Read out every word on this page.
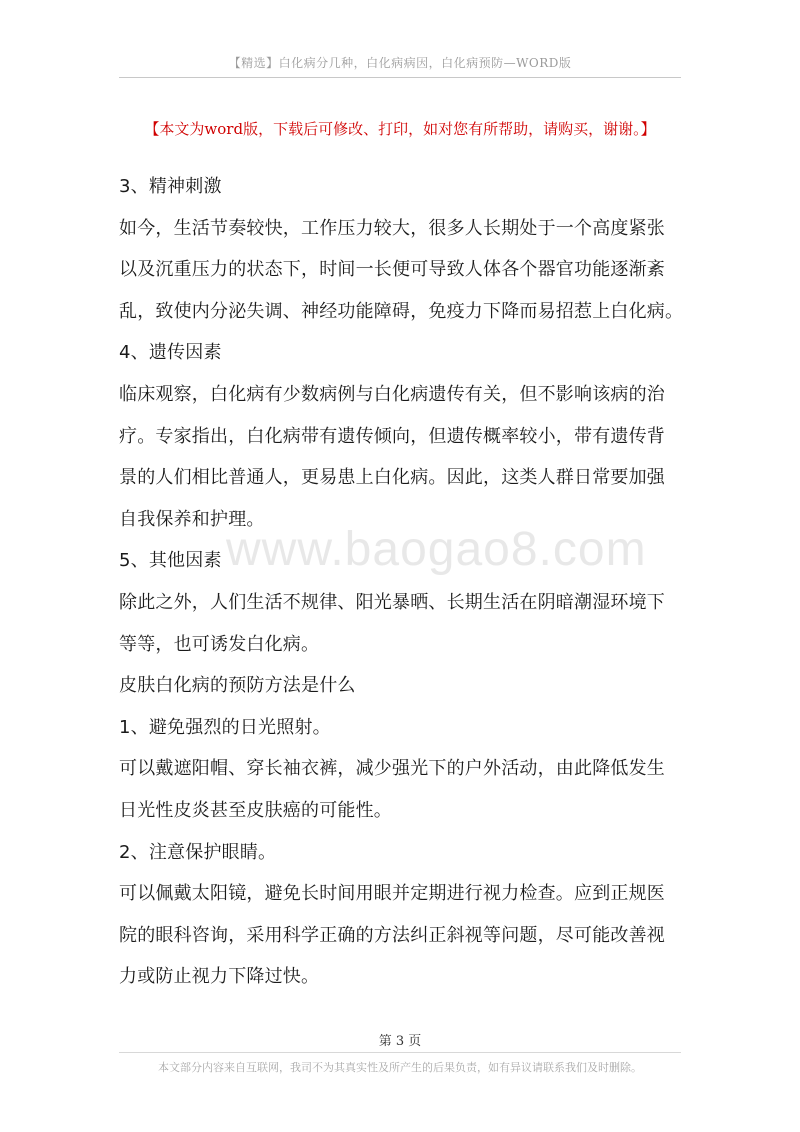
【精选】白化病分几种，白化病病因，白化病预防—WORD版
【本文为word版，下载后可修改、打印，如对您有所帮助，请购买，谢谢。】

3、精神刺激

如今，生活节奏较快，工作压力较大，很多人长期处于一个高度紧张

以及沉重压力的状态下，时间一长便可导致人体各个器官功能逐渐紊

乱，致使内分泌失调、神经功能障碍，免疫力下降而易招惹上白化病。

4、遗传因素

临床观察，白化病有少数病例与白化病遗传有关，但不影响该病的治

疗。专家指出，白化病带有遗传倾向，但遗传概率较小，带有遗传背

景的人们相比普通人，更易患上白化病。因此，这类人群日常要加强

自我保养和护理。

5、其他因素

除此之外，人们生活不规律、阳光暴晒、长期生活在阴暗潮湿环境下

等等，也可诱发白化病。

皮肤白化病的预防方法是什么

1、避免强烈的日光照射。

可以戴遮阳帽、穿长袖衣裤，减少强光下的户外活动，由此降低发生

日光性皮炎甚至皮肤癌的可能性。

2、注意保护眼睛。

可以佩戴太阳镜，避免长时间用眼并定期进行视力检查。应到正规医

院的眼科咨询，采用科学正确的方法纠正斜视等问题，尽可能改善视

力或防止视力下降过快。

www.baogao8.com
第 3 页
本文部分内容来自互联网，我司不为其真实性及所产生的后果负责，如有异议请联系我们及时删除。
